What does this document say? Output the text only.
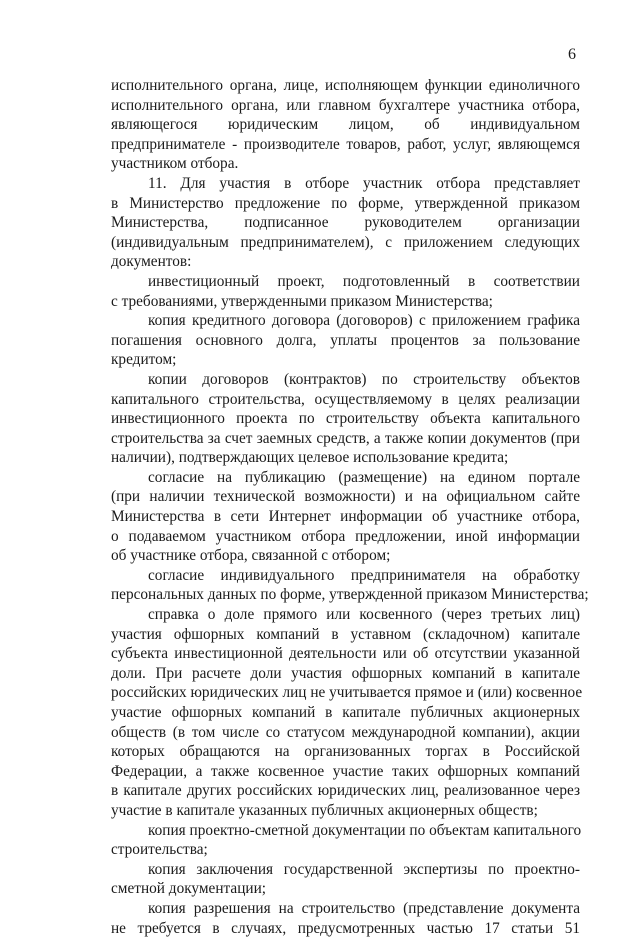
6
исполнительного органа, лице, исполняющем функции единоличного
исполнительного органа, или главном бухгалтере участника отбора,
являющегося юридическим лицом, об индивидуальном
предпринимателе - производителе товаров, работ, услуг, являющемся
участником отбора.
11. Для участия в отборе участник отбора представляет
в Министерство предложение по форме, утвержденной приказом
Министерства, подписанное руководителем организации
(индивидуальным предпринимателем), с приложением следующих
документов:
инвестиционный проект, подготовленный в соответствии
с требованиями, утвержденными приказом Министерства;
копия кредитного договора (договоров) с приложением графика
погашения основного долга, уплаты процентов за пользование
кредитом;
копии договоров (контрактов) по строительству объектов
капитального строительства, осуществляемому в целях реализации
инвестиционного проекта по строительству объекта капитального
строительства за счет заемных средств, а также копии документов (при
наличии), подтверждающих целевое использование кредита;
согласие на публикацию (размещение) на едином портале
(при наличии технической возможности) и на официальном сайте
Министерства в сети Интернет информации об участнике отбора,
о подаваемом участником отбора предложении, иной информации
об участнике отбора, связанной с отбором;
согласие индивидуального предпринимателя на обработку
персональных данных по форме, утвержденной приказом Министерства;
справка о доле прямого или косвенного (через третьих лиц)
участия офшорных компаний в уставном (складочном) капитале
субъекта инвестиционной деятельности или об отсутствии указанной
доли. При расчете доли участия офшорных компаний в капитале
российских юридических лиц не учитывается прямое и (или) косвенное
участие офшорных компаний в капитале публичных акционерных
обществ (в том числе со статусом международной компании), акции
которых обращаются на организованных торгах в Российской
Федерации, а также косвенное участие таких офшорных компаний
в капитале других российских юридических лиц, реализованное через
участие в капитале указанных публичных акционерных обществ;
копия проектно-сметной документации по объектам капитального
строительства;
копия заключения государственной экспертизы по проектно-
сметной документации;
копия разрешения на строительство (представление документа
не требуется в случаях, предусмотренных частью 17 статьи 51
